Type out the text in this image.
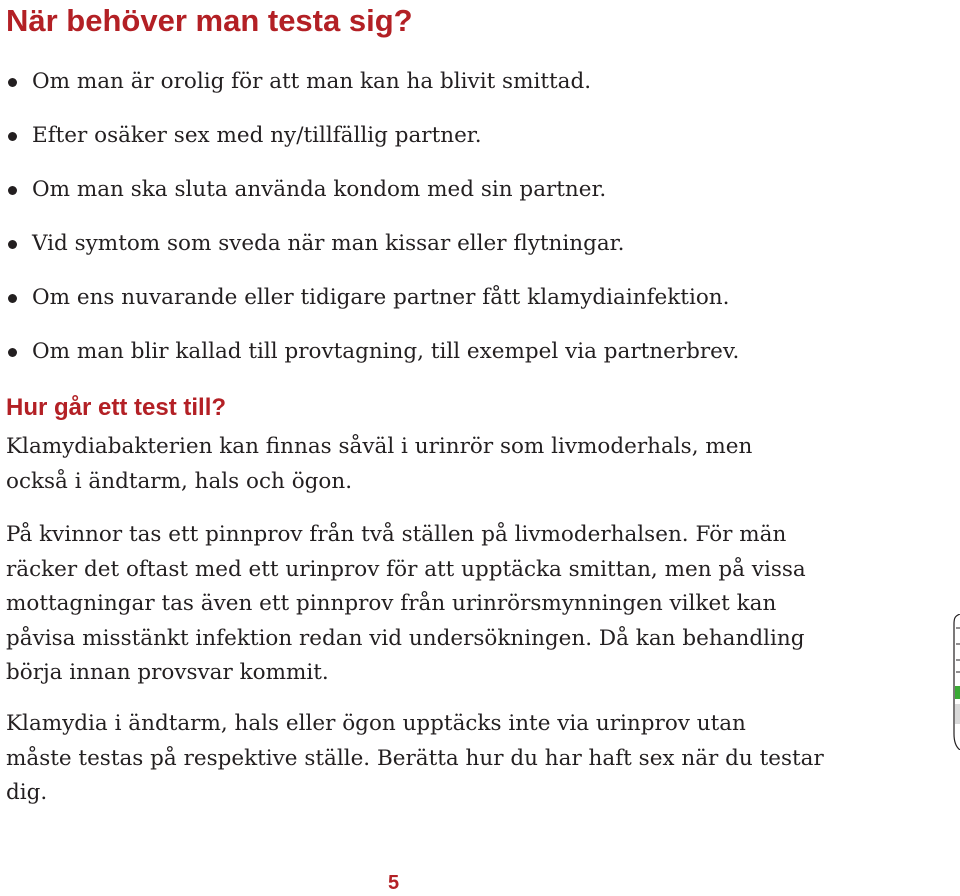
När behöver man testa sig?
Om man är orolig för att man kan ha blivit smittad.
Efter osäker sex med ny/tillfällig partner.
Om man ska sluta använda kondom med sin partner.
Vid symtom som sveda när man kissar eller flytningar.
Om ens nuvarande eller tidigare partner fått klamydiainfektion.
Om man blir kallad till provtagning, till exempel via partnerbrev.
Hur går ett test till?

Klamydiabakterien kan finnas såväl i urinrör som livmoderhals, men
också i ändtarm, hals och ögon.

På kvinnor tas ett pinnprov från två ställen på livmoderhalsen. För män
räcker det oftast med ett urinprov för att upptäcka smittan, men på vissa
mottagningar tas även ett pinnprov från urinrörsmynningen vilket kan
påvisa misstänkt infektion redan vid undersökningen. Då kan behandling
börja innan provsvar kommit.

Klamydia i ändtarm, hals eller ögon upptäcks inte via urinprov utan
måste testas på respektive ställe. Berätta hur du har haft sex när du testar
dig.

5
